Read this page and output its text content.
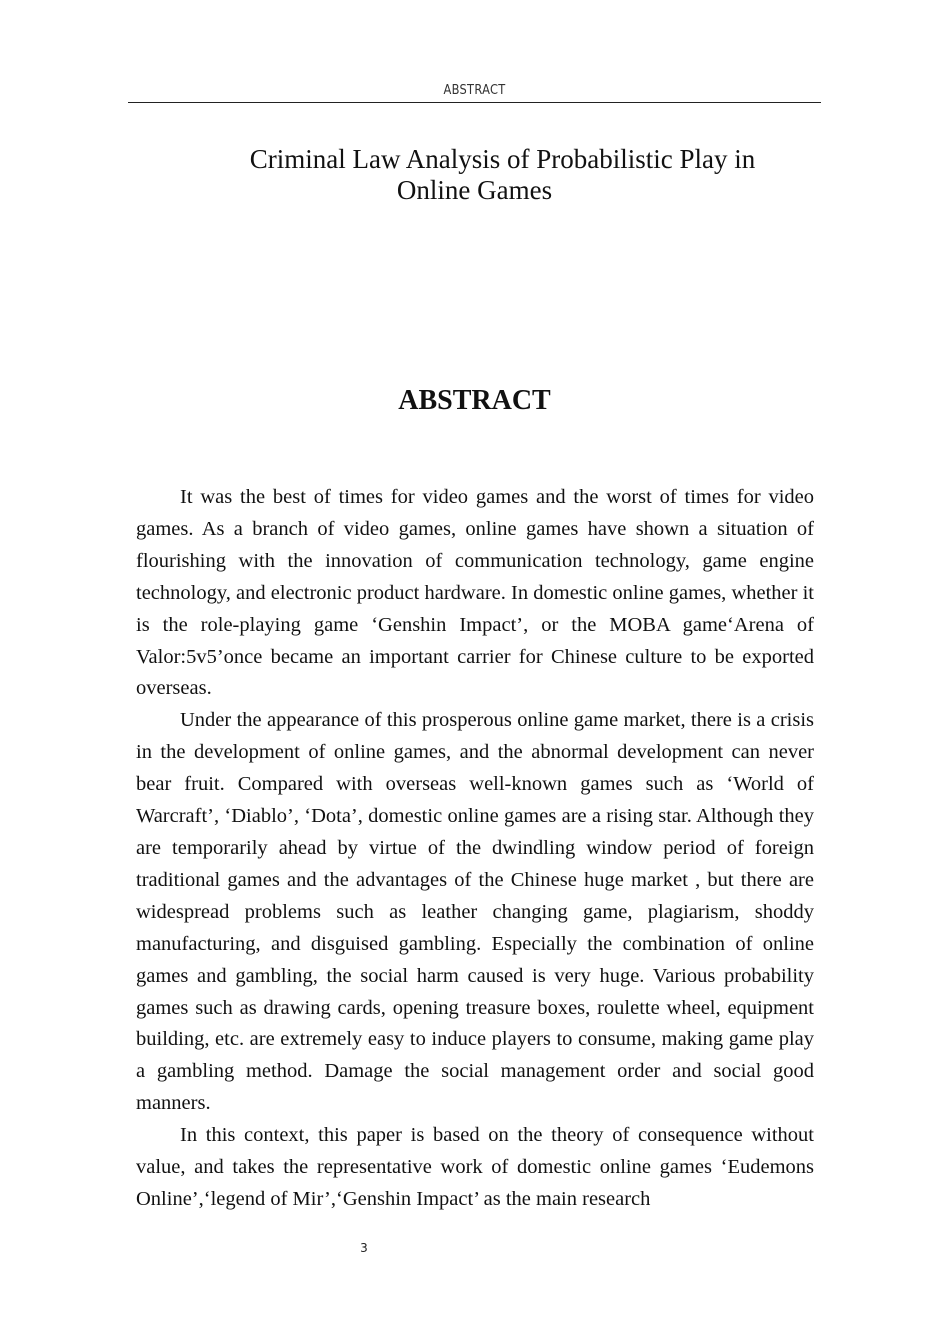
ABSTRACT
Criminal Law Analysis of Probabilistic Play in
Online Games
ABSTRACT

It was the best of times for video games and the worst of times for video games. As a branch of video games, online games have shown a situation of flourishing with the innovation of communication technology, game engine technology, and electronic product hardware. In domestic online games, whether it is the role-playing game ‘Genshin Impact’, or the MOBA game‘Arena of Valor:5v5’once became an important carrier for Chinese culture to be exported overseas.

Under the appearance of this prosperous online game market, there is a crisis in the development of online games, and the abnormal development can never bear fruit. Compared with overseas well-known games such as ‘World of Warcraft’, ‘Diablo’, ‘Dota’, domestic online games are a rising star. Although they are temporarily ahead by virtue of the dwindling window period of foreign traditional games and the advantages of the Chinese huge market , but there are widespread problems such as leather changing game, plagiarism, shoddy manufacturing, and disguised gambling. Especially the combination of online games and gambling, the social harm caused is very huge. Various probability games such as drawing cards, opening treasure boxes, roulette wheel, equipment building, etc. are extremely easy to induce players to consume, making game play a gambling method. Damage the social management order and social good manners.

In this context, this paper is based on the theory of consequence without value, and takes the representative work of domestic online games ‘Eudemons Online’,‘legend of Mir’,‘Genshin Impact’ as the main research

3
